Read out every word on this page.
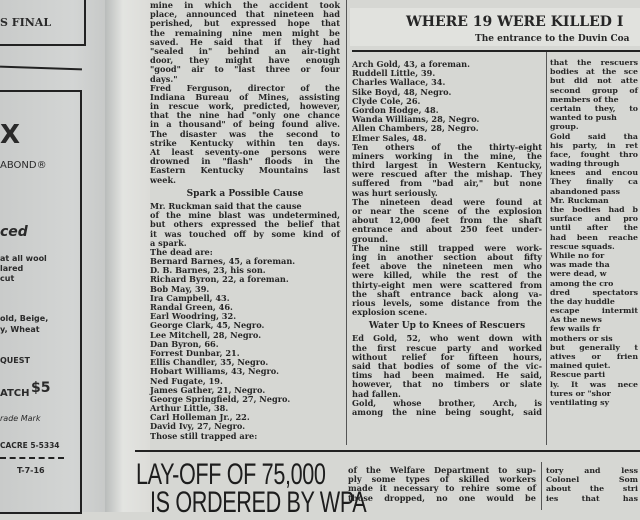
S FINAL
X
ABOND®
ced
at all wool
lared
cut
old, Beige,
y, Wheat
QUEST
ATCH $5
rade Mark
CACRE 5-5334
T-7-16
WHERE 19 WERE KILLED I
The entrance to the Duvin Coa
mine in which the accident took
place, announced that nineteen had
perished, but expressed hope that
the remaining nine men might be
saved. He said that if they had
"sealed in" behind an air-tight
door, they might have enough
"good" air to "last three or four
days."
Fred Ferguson, director of the
Indiana Bureau of Mines, assisting
in rescue work, predicted, however,
that the nine had "only one chance
in a thousand" of being found alive.
The disaster was the second to
strike Kentucky within ten days.
At least seventy-one persons were
drowned in "flash" floods in the
Eastern Kentucky Mountains last
week.
Spark a Possible Cause
Mr. Ruckman said that the cause
of the mine blast was undetermined,
but others expressed the belief that
it was touched off by some kind of
a spark.
The dead are:
Bernard Barnes, 45, a foreman.
D. B. Barnes, 23, his son.
Richard Byron, 22, a foreman.
Bob May, 39.
Ira Campbell, 43.
Randal Green, 46.
Earl Woodring, 32.
George Clark, 45, Negro.
Lee Mitchell, 28, Negro.
Dan Byron, 66.
Forrest Dunbar, 21.
Ellis Chandler, 35, Negro.
Hobart Williams, 43, Negro.
Ned Fugate, 19.
James Gather, 21, Negro.
George Springfield, 27, Negro.
Arthur Little, 38.
Carl Holleman Jr., 22.
David Ivy, 27, Negro.
Those still trapped are:
Arch Gold, 43, a foreman.
Ruddell Little, 39.
Charles Wallace, 34.
Sike Boyd, 48, Negro.
Clyde Cole, 26.
Gordon Hodge, 48.
Wanda Williams, 28, Negro.
Allen Chambers, 28, Negro.
Elmer Sales, 48.
Ten others of the thirty-eight
miners working in the mine, the
third largest in Western Kentucky,
were rescued after the mishap. They
suffered from "bad air," but none
was hurt seriously.
The nineteen dead were found at
or near the scene of the explosion
about 12,000 feet from the shaft
entrance and about 250 feet under-
ground.
The nine still trapped were work-
ing in another section about fifty
feet above the nineteen men who
were killed, while the rest of the
thirty-eight men were scattered from
the shaft entrance back along va-
rious levels, some distance from the
explosion scene.
Water Up to Knees of Rescuers
Ed Gold, 52, who went down with
the first rescue party and worked
without relief for fifteen hours,
said that bodies of some of the vic-
tims had been maimed. He said,
however, that no timbers or slate
had fallen.
Gold, whose brother, Arch, is
among the nine being sought, said
that the rescuers
bodies at the sce
but did not atte
second group of
members of the
certain they, to
wanted to push
group.
Gold said tha
his party, in ret
face, fought thro
wading through
knees and encou
They finally ca
abandoned pass
Mr. Ruckman
the bodies had b
surface and pro
until after the
had been reache
rescue squads.
While no for
was made tha
were dead, w
among the cro
dred spectators
the day huddle
escape intermit
As the news
few wails fr
mothers or sis
but generally t
atives or frien
mained quiet.
Rescue parti
ly. It was nece
tures or "shor
ventilating sy
LAY-OFF OF 75,000
IS ORDERED BY WPA
of the Welfare Department to sup-
ply some types of skilled workers
made it necessary to rehire some of
those dropped, no one would be
tory and less
Colonel Som
about the stri
ies that has
